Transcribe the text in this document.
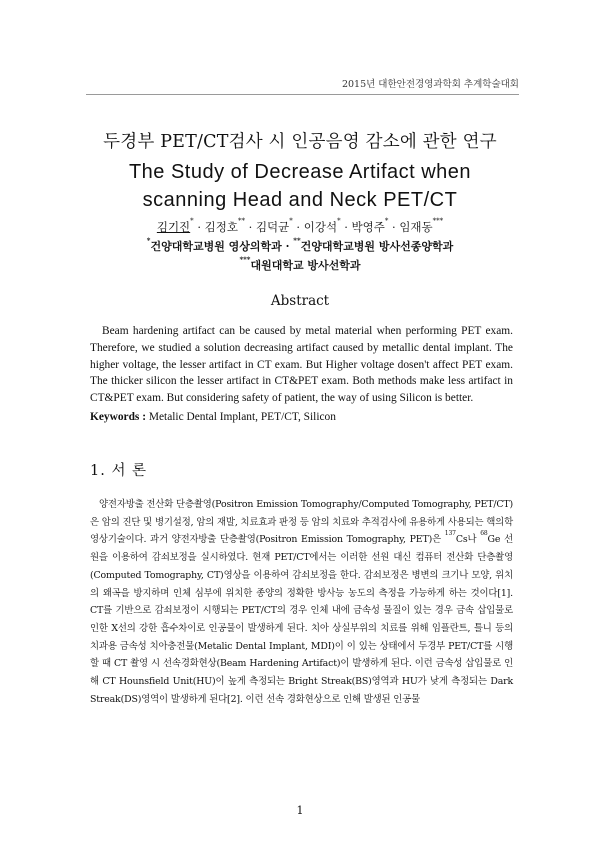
2015년 대한안전경영과학회 추계학술대회
두경부 PET/CT검사 시 인공음영 감소에 관한 연구
The Study of Decrease Artifact when
scanning Head and Neck PET/CT
김기진* · 김정호** · 김덕균* · 이강석* · 박영주* · 임재동***
*건양대학교병원 영상의학과 · **건양대학교병원 방사선종양학과
***대원대학교 방사선학과
Abstract
Beam hardening artifact can be caused by metal material when performing PET exam. Therefore, we studied a solution decreasing artifact caused by metallic dental implant. The higher voltage, the lesser artifact in CT exam. But Higher voltage dosen't affect PET exam. The thicker silicon the lesser artifact in CT&PET exam. Both methods make less artifact in CT&PET exam. But considering safety of patient, the way of using Silicon is better.
Keywords : Metalic Dental Implant, PET/CT, Silicon
1. 서 론
양전자방출 전산화 단층촬영(Positron Emission Tomography/Computed Tomography, PET/CT)은 암의 진단 및 병기설정, 암의 재발, 치료효과 판정 등 암의 치료와 추적검사에 유용하게 사용되는 핵의학 영상기술이다. 과거 양전자방출 단층촬영(Positron Emission Tomography, PET)은 $^{137}$Cs나 $^{68}$Ge 선원을 이용하여 감쇠보정을 실시하였다. 현재 PET/CT에서는 이러한 선원 대신 컴퓨터 전산화 단층촬영(Computed Tomography, CT)영상을 이용하여 감쇠보정을 한다. 감쇠보정은 병변의 크기나 모양, 위치의 왜곡을 방지하며 인체 심부에 위치한 종양의 정확한 방사능 농도의 측정을 가능하게 하는 것이다[1]. CT를 기반으로 감쇠보정이 시행되는 PET/CT의 경우 인체 내에 금속성 물질이 있는 경우 금속 삽입물로 인한 X선의 강한 흡수차이로 인공물이 발생하게 된다. 치아 상실부위의 치료를 위해 임플란트, 틀니 등의 치과용 금속성 치아충전물(Metalic Dental Implant, MDI)이 이 있는 상태에서 두경부 PET/CT를 시행할 때 CT 촬영 시 선속경화현상(Beam Hardening Artifact)이 발생하게 된다. 이런 금속성 삽입물로 인해 CT Hounsfield Unit(HU)이 높게 측정되는 Bright Streak(BS)영역과 HU가 낮게 측정되는 Dark Streak(DS)영역이 발생하게 된다[2]. 이런 선속 경화현상으로 인해 발생된 인공물
1
